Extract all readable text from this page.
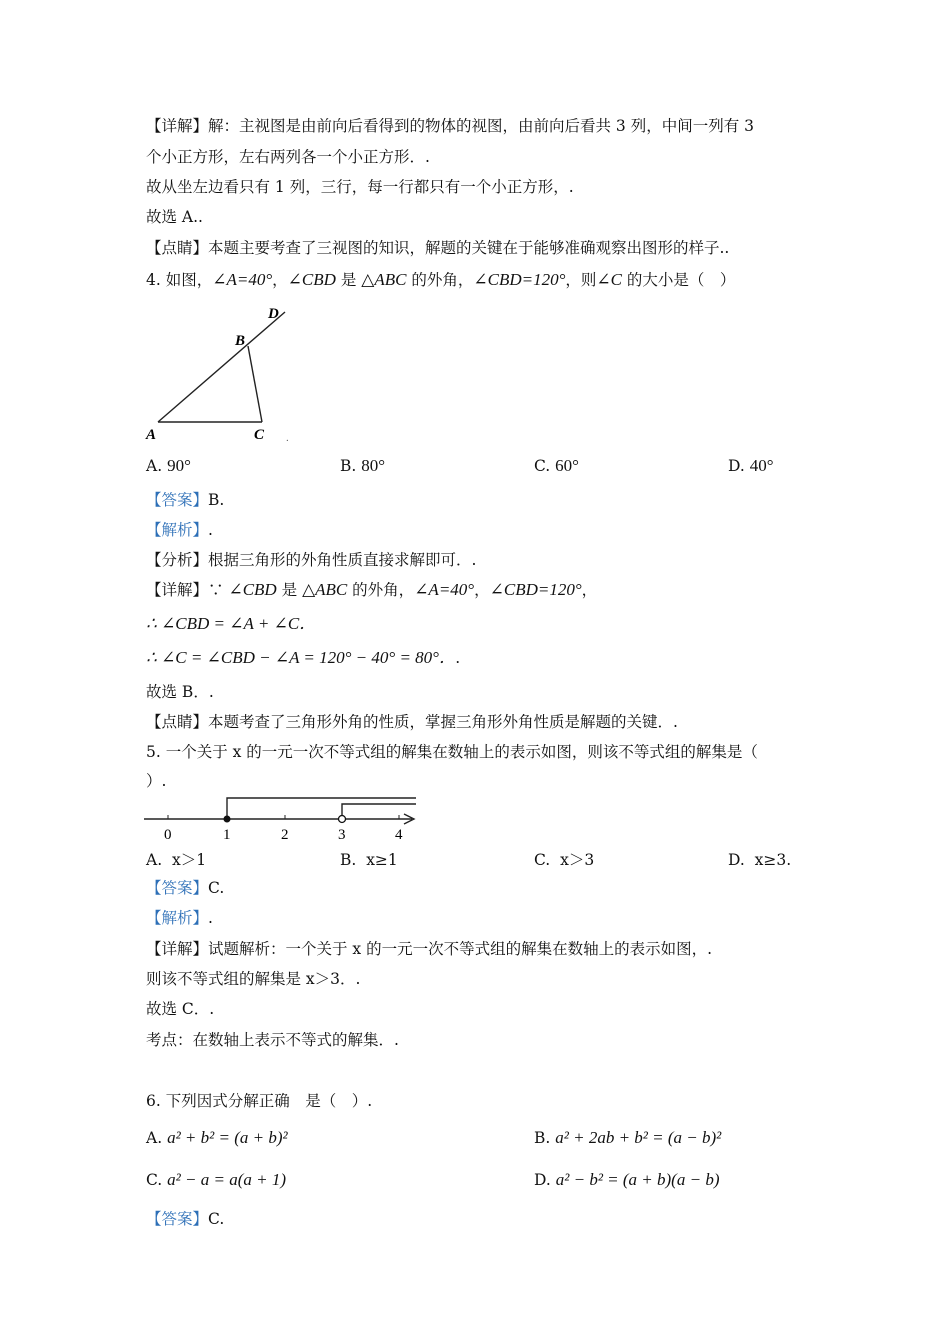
【详解】解：主视图是由前向后看得到的物体的视图，由前向后看共 3 列，中间一列有 3
个小正方形，左右两列各一个小正方形．.
故从坐左边看只有 1 列，三行，每一行都只有一个小正方形，.
故选 A..
【点睛】本题主要考查了三视图的知识，解题的关键在于能够准确观察出图形的样子..
4. 如图，∠A=40°，∠CBD 是 △ABC 的外角，∠CBD=120°，则∠C 的大小是（　）
A
B
C
D
.
A. 90°	B. 80°	C. 60°	D. 40°
【答案】B.
【解析】.
【分析】根据三角形的外角性质直接求解即可．.
【详解】∵ ∠CBD 是 △ABC 的外角，∠A=40°，∠CBD=120°，
∴ ∠CBD = ∠A + ∠C．
∴ ∠C = ∠CBD − ∠A = 120° − 40° = 80°．.
故选 B．.
【点睛】本题考查了三角形外角的性质，掌握三角形外角性质是解题的关键．.
5. 一个关于 x 的一元一次不等式组的解集在数轴上的表示如图，则该不等式组的解集是（
）.
0	1	2	3	4
A. x＞1	B. x≥1	C. x＞3	D. x≥3.
【答案】C.
【解析】.
【详解】试题解析：一个关于 x 的一元一次不等式组的解集在数轴上的表示如图，.
则该不等式组的解集是 x＞3．.
故选 C．.
考点：在数轴上表示不等式的解集．.
6. 下列因式分解正确　是（　）.
A. a² + b² = (a + b)²	B. a² + 2ab + b² = (a − b)²
C. a² − a = a(a + 1)	D. a² − b² = (a + b)(a − b)
【答案】C.
